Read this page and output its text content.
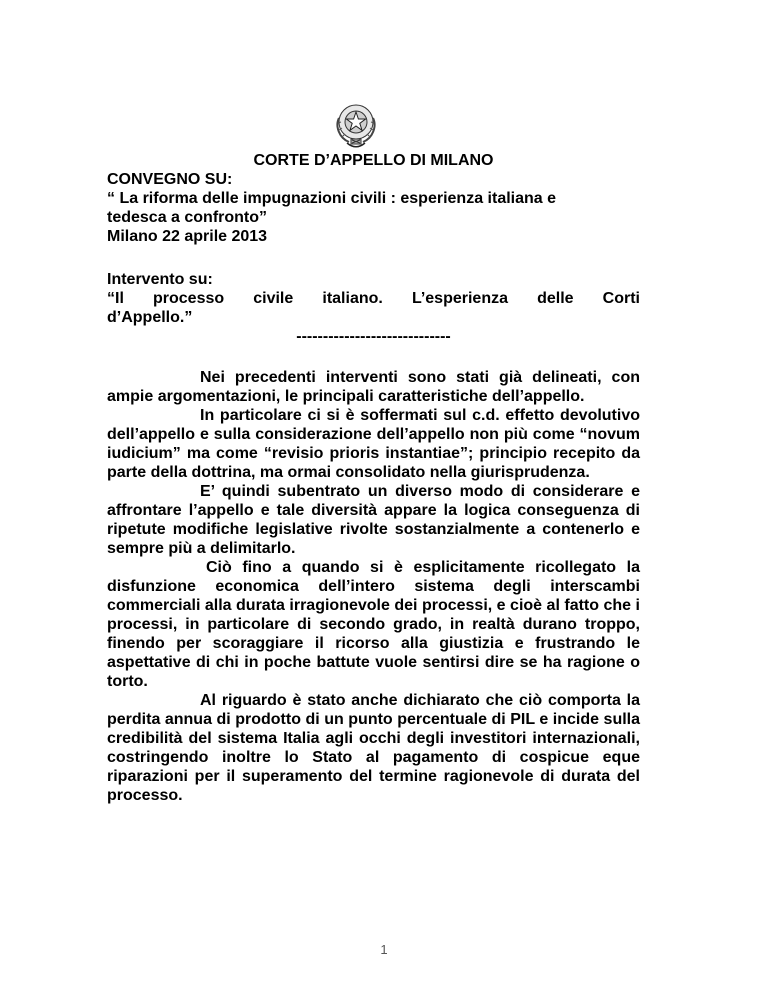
CORTE D’APPELLO DI MILANO
CONVEGNO SU:
“ La riforma delle impugnazioni civili : esperienza italiana e
tedesca a confronto”
Milano 22 aprile 2013
Intervento su:
“Il processo civile italiano. L’esperienza delle Corti
d’Appello.”
-----------------------------

Nei precedenti interventi sono stati già delineati, con ampie argomentazioni, le principali caratteristiche dell’appello.

In particolare ci si è soffermati sul c.d. effetto devolutivo dell’appello e sulla considerazione dell’appello non più come “novum iudicium” ma come “revisio prioris instantiae”; principio recepito da parte della dottrina, ma ormai consolidato nella giurisprudenza.

E’ quindi subentrato un diverso modo di considerare e affrontare l’appello e tale diversità appare la logica conseguenza di ripetute modifiche legislative rivolte sostanzialmente a contenerlo e sempre più a delimitarlo.

Ciò fino a quando si è esplicitamente ricollegato la disfunzione economica dell’intero sistema degli interscambi commerciali alla durata irragionevole dei processi, e cioè al fatto che i processi, in particolare di secondo grado, in realtà durano troppo, finendo per scoraggiare il ricorso alla giustizia e frustrando le aspettative di chi in poche battute vuole sentirsi dire se ha ragione o torto.

Al riguardo è stato anche dichiarato che ciò comporta la perdita annua di prodotto di un punto percentuale di PIL e incide sulla credibilità del sistema Italia agli occhi degli investitori internazionali, costringendo inoltre lo Stato al pagamento di cospicue eque riparazioni per il superamento del termine ragionevole di durata del processo.

1
